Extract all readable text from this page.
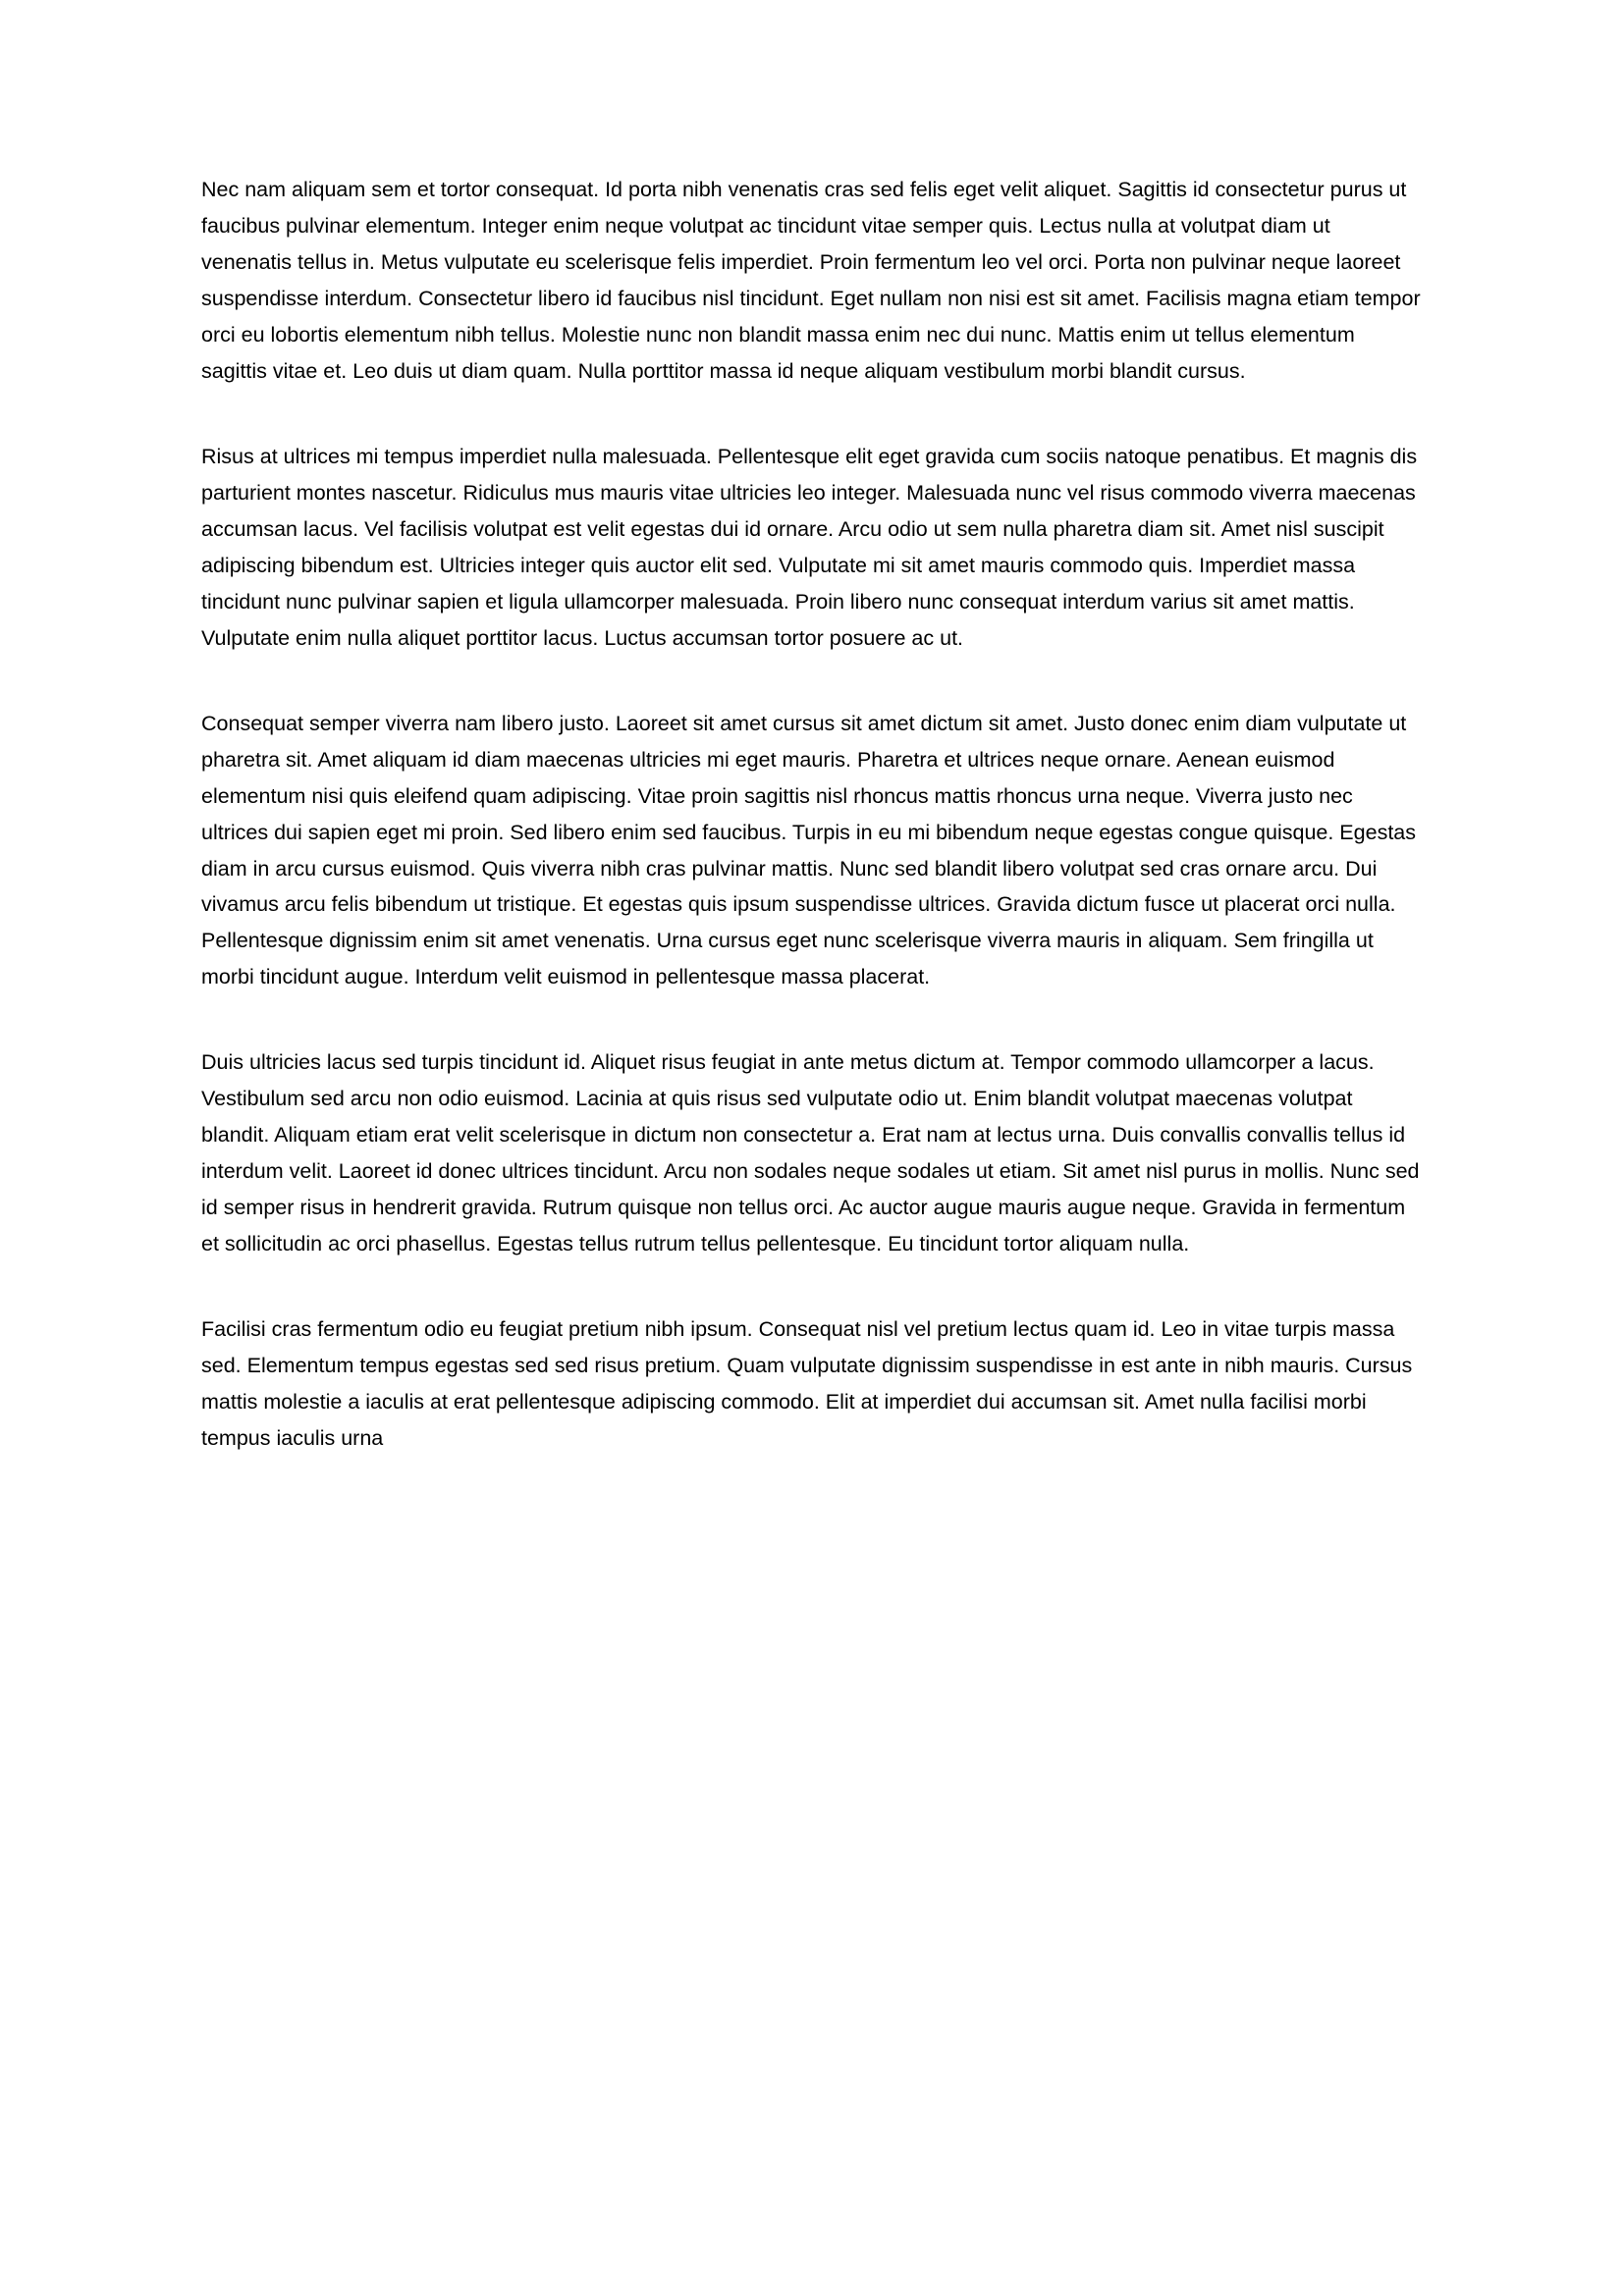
Nec nam aliquam sem et tortor consequat. Id porta nibh venenatis cras sed felis eget velit aliquet. Sagittis id consectetur purus ut faucibus pulvinar elementum. Integer enim neque volutpat ac tincidunt vitae semper quis. Lectus nulla at volutpat diam ut venenatis tellus in. Metus vulputate eu scelerisque felis imperdiet. Proin fermentum leo vel orci. Porta non pulvinar neque laoreet suspendisse interdum. Consectetur libero id faucibus nisl tincidunt. Eget nullam non nisi est sit amet. Facilisis magna etiam tempor orci eu lobortis elementum nibh tellus. Molestie nunc non blandit massa enim nec dui nunc. Mattis enim ut tellus elementum sagittis vitae et. Leo duis ut diam quam. Nulla porttitor massa id neque aliquam vestibulum morbi blandit cursus.

Risus at ultrices mi tempus imperdiet nulla malesuada. Pellentesque elit eget gravida cum sociis natoque penatibus. Et magnis dis parturient montes nascetur. Ridiculus mus mauris vitae ultricies leo integer. Malesuada nunc vel risus commodo viverra maecenas accumsan lacus. Vel facilisis volutpat est velit egestas dui id ornare. Arcu odio ut sem nulla pharetra diam sit. Amet nisl suscipit adipiscing bibendum est. Ultricies integer quis auctor elit sed. Vulputate mi sit amet mauris commodo quis. Imperdiet massa tincidunt nunc pulvinar sapien et ligula ullamcorper malesuada. Proin libero nunc consequat interdum varius sit amet mattis. Vulputate enim nulla aliquet porttitor lacus. Luctus accumsan tortor posuere ac ut.

Consequat semper viverra nam libero justo. Laoreet sit amet cursus sit amet dictum sit amet. Justo donec enim diam vulputate ut pharetra sit. Amet aliquam id diam maecenas ultricies mi eget mauris. Pharetra et ultrices neque ornare. Aenean euismod elementum nisi quis eleifend quam adipiscing. Vitae proin sagittis nisl rhoncus mattis rhoncus urna neque. Viverra justo nec ultrices dui sapien eget mi proin. Sed libero enim sed faucibus. Turpis in eu mi bibendum neque egestas congue quisque. Egestas diam in arcu cursus euismod. Quis viverra nibh cras pulvinar mattis. Nunc sed blandit libero volutpat sed cras ornare arcu. Dui vivamus arcu felis bibendum ut tristique. Et egestas quis ipsum suspendisse ultrices. Gravida dictum fusce ut placerat orci nulla. Pellentesque dignissim enim sit amet venenatis. Urna cursus eget nunc scelerisque viverra mauris in aliquam. Sem fringilla ut morbi tincidunt augue. Interdum velit euismod in pellentesque massa placerat.

Duis ultricies lacus sed turpis tincidunt id. Aliquet risus feugiat in ante metus dictum at. Tempor commodo ullamcorper a lacus. Vestibulum sed arcu non odio euismod. Lacinia at quis risus sed vulputate odio ut. Enim blandit volutpat maecenas volutpat blandit. Aliquam etiam erat velit scelerisque in dictum non consectetur a. Erat nam at lectus urna. Duis convallis convallis tellus id interdum velit. Laoreet id donec ultrices tincidunt. Arcu non sodales neque sodales ut etiam. Sit amet nisl purus in mollis. Nunc sed id semper risus in hendrerit gravida. Rutrum quisque non tellus orci. Ac auctor augue mauris augue neque. Gravida in fermentum et sollicitudin ac orci phasellus. Egestas tellus rutrum tellus pellentesque. Eu tincidunt tortor aliquam nulla.

Facilisi cras fermentum odio eu feugiat pretium nibh ipsum. Consequat nisl vel pretium lectus quam id. Leo in vitae turpis massa sed. Elementum tempus egestas sed sed risus pretium. Quam vulputate dignissim suspendisse in est ante in nibh mauris. Cursus mattis molestie a iaculis at erat pellentesque adipiscing commodo. Elit at imperdiet dui accumsan sit. Amet nulla facilisi morbi tempus iaculis urna
